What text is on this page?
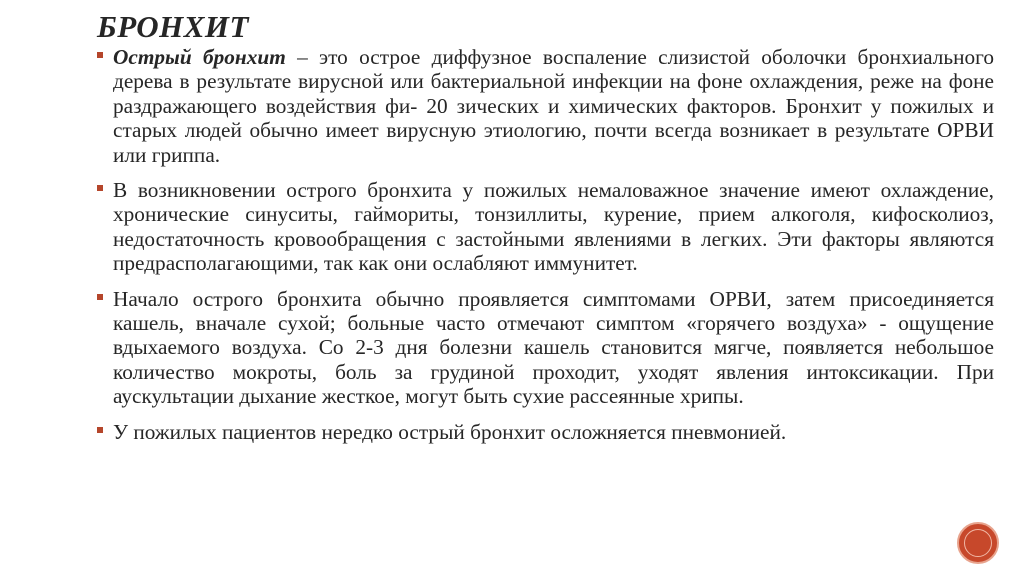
БРОНХИТ

Острый бронхит – это острое диффузное воспаление слизистой оболочки бронхиального дерева в результате вирусной или бактериальной инфекции на фоне охлаждения, реже на фоне раздражающего воздействия фи- 20 зических и химических факторов. Бронхит у пожилых и старых людей обычно имеет вирусную этиологию, почти всегда возникает в результате ОРВИ или гриппа.

В возникновении острого бронхита у пожилых немаловажное значение имеют охлаждение, хронические синуситы, гаймориты, тонзиллиты, курение, прием алкоголя, кифосколиоз, недостаточность кровообращения с застойными явлениями в легких. Эти факторы являются предрасполагающими, так как они ослабляют иммунитет.

Начало острого бронхита обычно проявляется симптомами ОРВИ, затем присоединяется кашель, вначале сухой; больные часто отмечают симптом «горячего воздуха» - ощущение вдыхаемого воздуха. Со 2-3 дня болезни кашель становится мягче, появляется небольшое количество мокроты, боль за грудиной проходит, уходят явления интоксикации. При аускультации дыхание жесткое, могут быть сухие рассеянные хрипы.

У пожилых пациентов нередко острый бронхит осложняется пневмонией.
